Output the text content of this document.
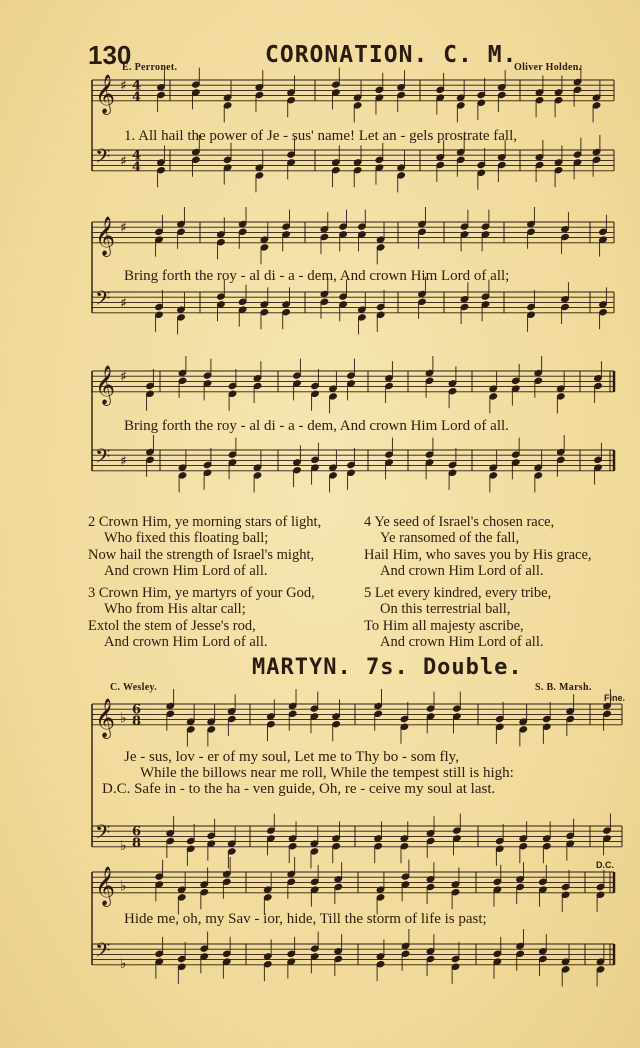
130	CORONATION. C. M.
E. Perronet.	Oliver Holden.
𝄞 ♯ 4
4
𝄢 ♯ 4
4
𝄞 ♯
𝄢 ♯
𝄞 ♯
𝄢 ♯
𝄞 ♭
6
8
𝄢 ♭
6
8
𝄞 ♭
𝄢 ♭
1. All hail the power of Je - sus' name! Let an - gels prostrate fall,
Bring forth the roy - al di - a - dem, And crown Him Lord of all;
Bring forth the roy - al di - a - dem, And crown Him Lord of all.
2 Crown Him, ye morning stars of light,
Who fixed this floating ball;
Now hail the strength of Israel's might,
And crown Him Lord of all.

3 Crown Him, ye martyrs of your God,
Who from His altar call;
Extol the stem of Jesse's rod,
And crown Him Lord of all.
4 Ye seed of Israel's chosen race,
Ye ransomed of the fall,
Hail Him, who saves you by His grace,
And crown Him Lord of all.

5 Let every kindred, every tribe,
On this terrestrial ball,
To Him all majesty ascribe,
And crown Him Lord of all.
MARTYN. 7s. Double.
C. Wesley.	S. B. Marsh.
Fine.
D.C.
Je - sus, lov - er of my soul, Let me to Thy bo - som fly,
While the billows near me roll, While the tempest still is high:
D.C. Safe in - to the ha - ven guide, Oh, re - ceive my soul at last.
Hide me, oh, my Sav - ior, hide, Till the storm of life is past;
